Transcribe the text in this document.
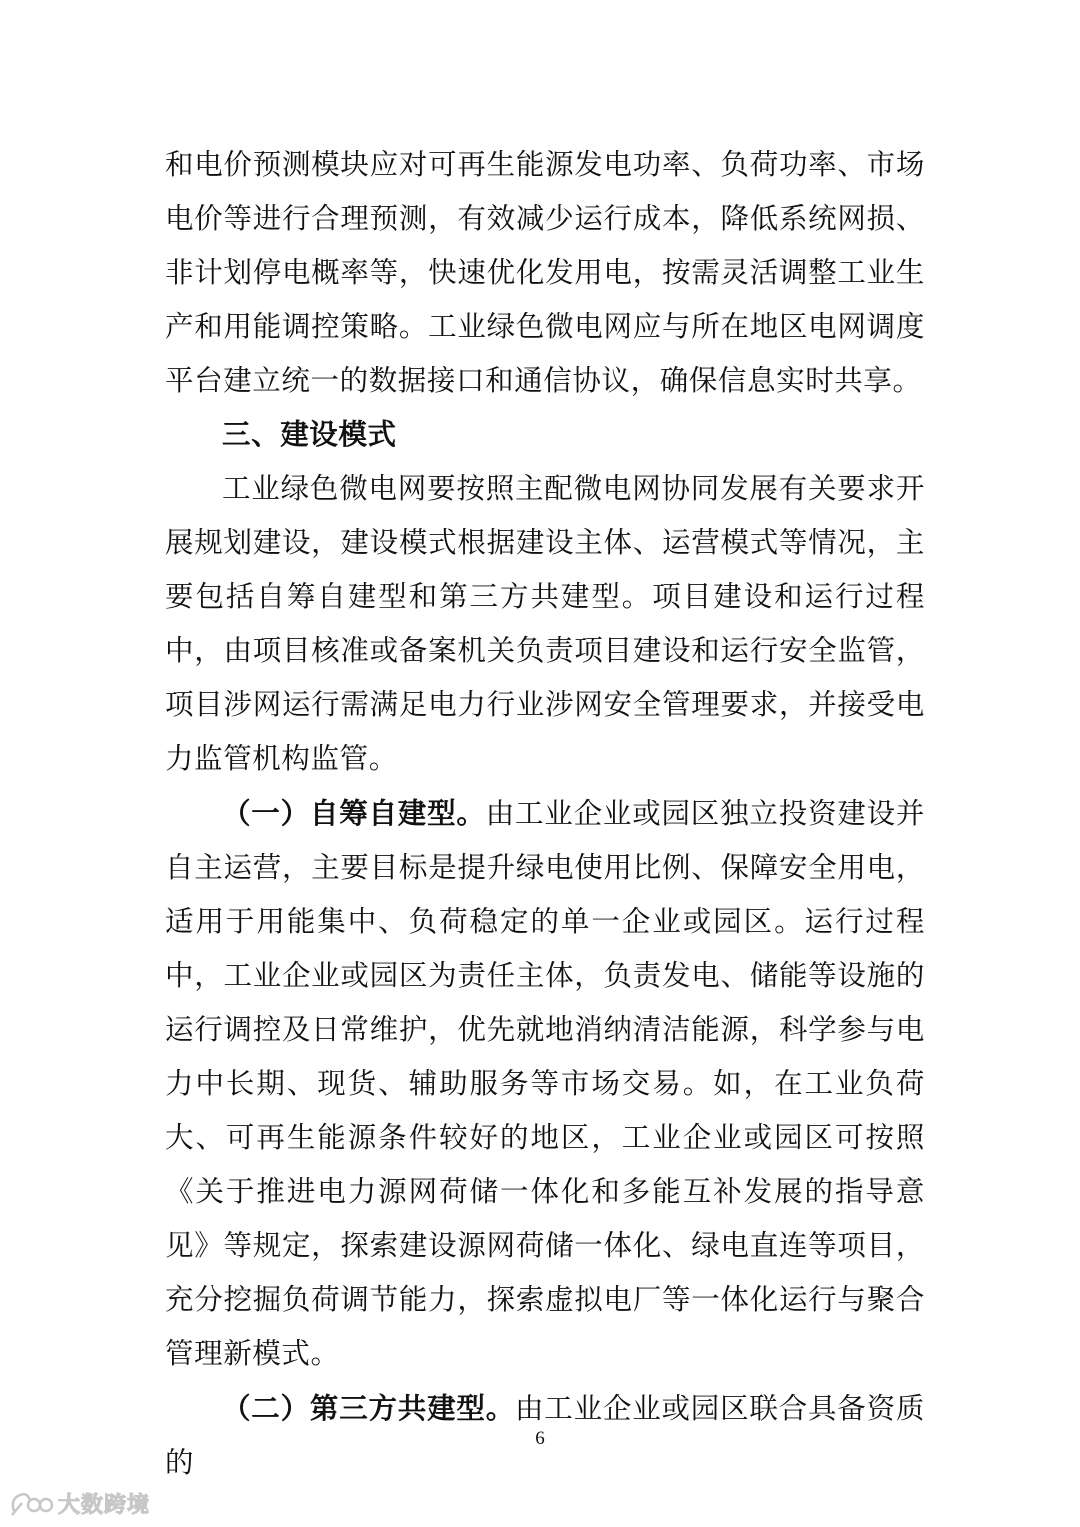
和电价预测模块应对可再生能源发电功率、负荷功率、市场电价等进行合理预测，有效减少运行成本，降低系统网损、非计划停电概率等，快速优化发用电，按需灵活调整工业生产和用能调控策略。工业绿色微电网应与所在地区电网调度平台建立统一的数据接口和通信协议，确保信息实时共享。

三、建设模式

工业绿色微电网要按照主配微电网协同发展有关要求开展规划建设，建设模式根据建设主体、运营模式等情况，主要包括自筹自建型和第三方共建型。项目建设和运行过程中，由项目核准或备案机关负责项目建设和运行安全监管，项目涉网运行需满足电力行业涉网安全管理要求，并接受电力监管机构监管。

（一）自筹自建型。由工业企业或园区独立投资建设并自主运营，主要目标是提升绿电使用比例、保障安全用电，适用于用能集中、负荷稳定的单一企业或园区。运行过程中，工业企业或园区为责任主体，负责发电、储能等设施的运行调控及日常维护，优先就地消纳清洁能源，科学参与电力中长期、现货、辅助服务等市场交易。如，在工业负荷大、可再生能源条件较好的地区，工业企业或园区可按照《关于推进电力源网荷储一体化和多能互补发展的指导意见》等规定，探索建设源网荷储一体化、绿电直连等项目，充分挖掘负荷调节能力，探索虚拟电厂等一体化运行与聚合管理新模式。

（二）第三方共建型。由工业企业或园区联合具备资质的

6
大数跨境
